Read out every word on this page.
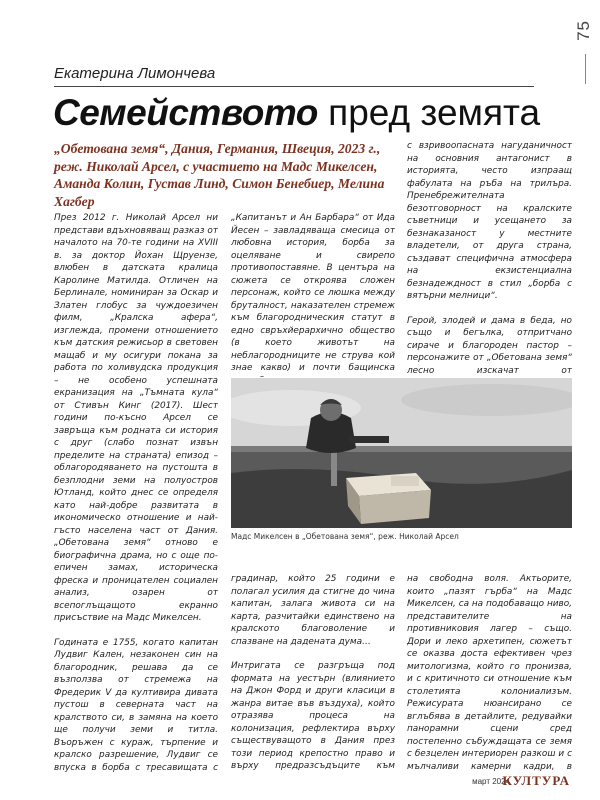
75
Екатерина Лимончева
Семейството пред земята

„Обетована земя“, Дания, Германия, Швеция, 2023 г., реж. Николай Арсел, с участието на Мадс Микелсен, Аманда Колин, Густав Линд, Симон Бенебиер, Мелина Хагбер

През 2012 г. Николай Арсел ни представи вдъхновяващ разказ от началото на 70-те години на XVIII в. за доктор Йохан Щруензе, влюбен в датската кралица Каролине Матилда. Отличен на Берлинале, номиниран за Оскар и Златен глобус за чуждоезичен филм, „Кралска афера“, изглежда, промени отношението към датския режисьор в световен мащаб и му осигури покана за работа по холивудска продукция – не особено успешната екранизация на „Тъмната кула“ от Стивън Кинг (2017). Шест години по-късно Арсел се завръща към родната си история с друг (слабо познат извън пределите на страната) епизод – облагородяването на пустошта в безплодни земи на полуостров Ютланд, който днес се определя като най-добре развитата в икономическо отношение и най-гъсто населена част от Дания. „Обетована земя“ отново е биографична драма, но с още по-епичен замах, историческа фреска и проницателен социален анализ, озарен от всепоглъщащото екранно присъствие на Мадс Микелсен.

Годината е 1755, когато капитан Лудвиг Кален, незаконен син на благородник, решава да се възползва от стремежа на Фредерик V да култивира дивата пустош в северната част на кралството си, в замяна на което ще получи земи и титла. Въоръжен с кураж, търпение и кралско разрешение, Лудвиг се впуска в борба с тресавищата с

„Капитанът и Ан Барбара“ от Ида Йесен – завладяваща смесица от любовна история, борба за оцеляване и свирепо противопоставяне. В центъра на сюжета се откроява сложен персонаж, който се люшка между бруталност, наказателен стремеж към благородническия статут в едно свръхйерархично общество (в което животът на неблагородниците не струва кой знае какво) и почти бащинска

с взривоопасната нагуданичност на основния антагонист в историята, често изпраащ фабулата на ръба на трилъра. Пренебрежителната безотговорност на кралските съветници и усещането за безнаказаност у местните владетели, от друга страна, създават специфична атмосфера на екзистенциална безнадеждност в стил „борба с вятърни мелници“.

Герой, злодей и дама в беда, но също и бегълка, отпритчано сираче и благороден пастор – персонажите от „Обетована земя“ лесно изскачат от

Мадс Микелсен в „Обетована земя“, реж. Николай Арсел

градинар, който 25 години е полагал усилия да стигне до чина капитан, залага живота си на карта, разчитайки единствено на кралското благоволение и спазване на дадената дума…

Интригата се разгръща под формата на уестърн (влиянието на Джон Форд и други класици в жанра витае във въздуха), който отразява процеса на колонизация, рефлектира върху съществуващото в Дания през този период крепостно право и върху предразсъдъците към

на свободна воля. Актьорите, които „пазят гърба“ на Мадс Микелсен, са на подобаващо ниво, представителите на противниковия лагер – също. Дори и леко архетипен, сюжетът се оказва доста ефективен чрез митологизма, който го пронизва, и с критичното си отношение към столетията колониализъм. Режисурата нюансирано се вглъбява в детайлите, редувайки панорамни сцени сред постепенно събуждащата се земя с безцелен интериорен разкош и с мълчаливи камерни кадри, в

март 2024
КУЛТУРА
